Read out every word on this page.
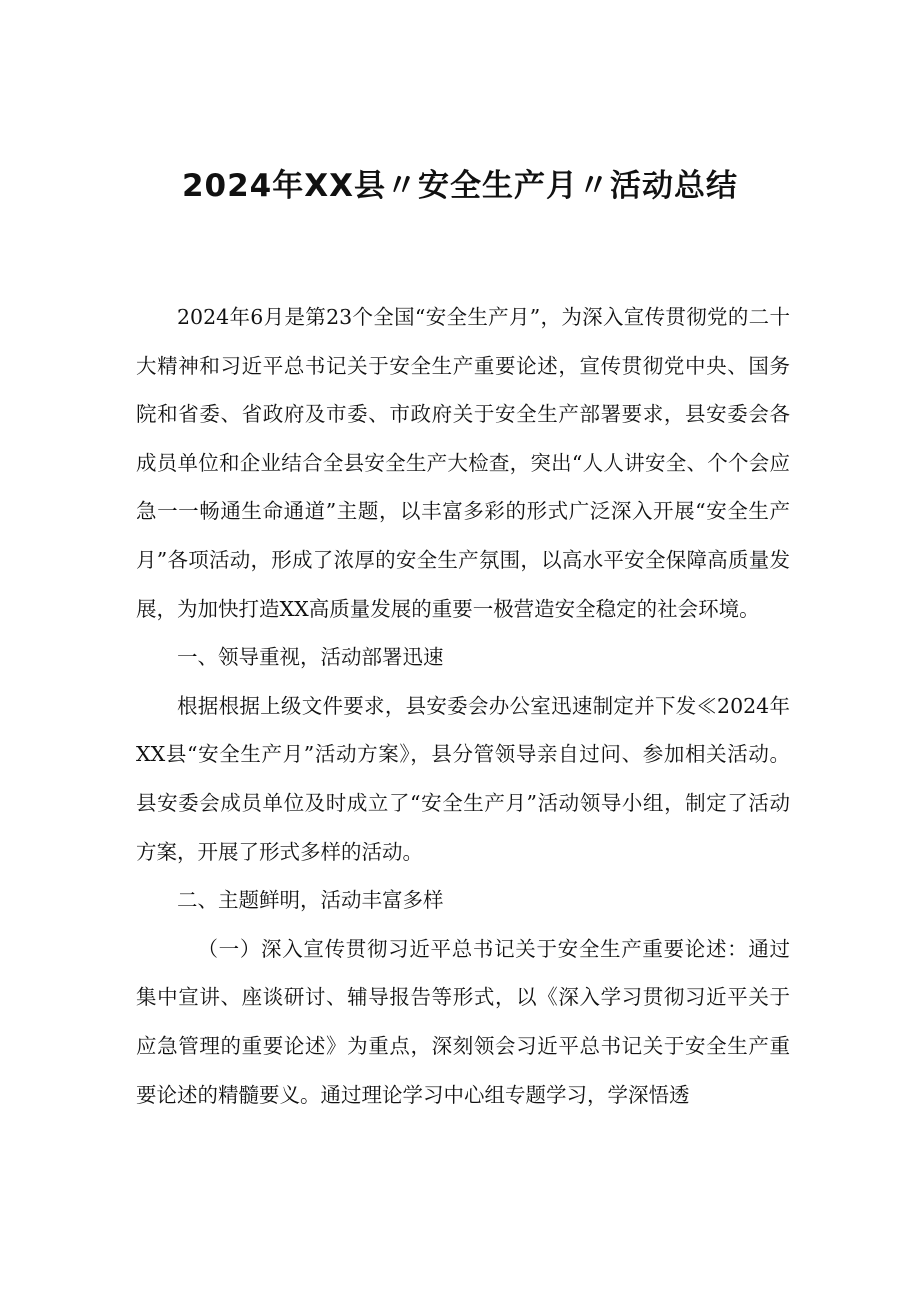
2024年XX县〃安全生产月〃活动总结

2024年6月是第23个全国“安全生产月”，为深入宣传贯彻党的二十大精神和习近平总书记关于安全生产重要论述，宣传贯彻党中央、国务院和省委、省政府及市委、市政府关于安全生产部署要求，县安委会各成员单位和企业结合全县安全生产大检查，突出“人人讲安全、个个会应急一一畅通生命通道”主题，以丰富多彩的形式广泛深入开展“安全生产月”各项活动，形成了浓厚的安全生产氛围，以高水平安全保障高质量发展，为加快打造XX高质量发展的重要一极营造安全稳定的社会环境。

一、领导重视，活动部署迅速

根据根据上级文件要求，县安委会办公室迅速制定并下发≪2024年XX县“安全生产月”活动方案》，县分管领导亲自过问、参加相关活动。县安委会成员单位及时成立了“安全生产月”活动领导小组，制定了活动方案，开展了形式多样的活动。

二、主题鲜明，活动丰富多样

（一）深入宣传贯彻习近平总书记关于安全生产重要论述：通过集中宣讲、座谈研讨、辅导报告等形式，以《深入学习贯彻习近平关于应急管理的重要论述》为重点，深刻领会习近平总书记关于安全生产重要论述的精髓要义。通过理论学习中心组专题学习，学深悟透
